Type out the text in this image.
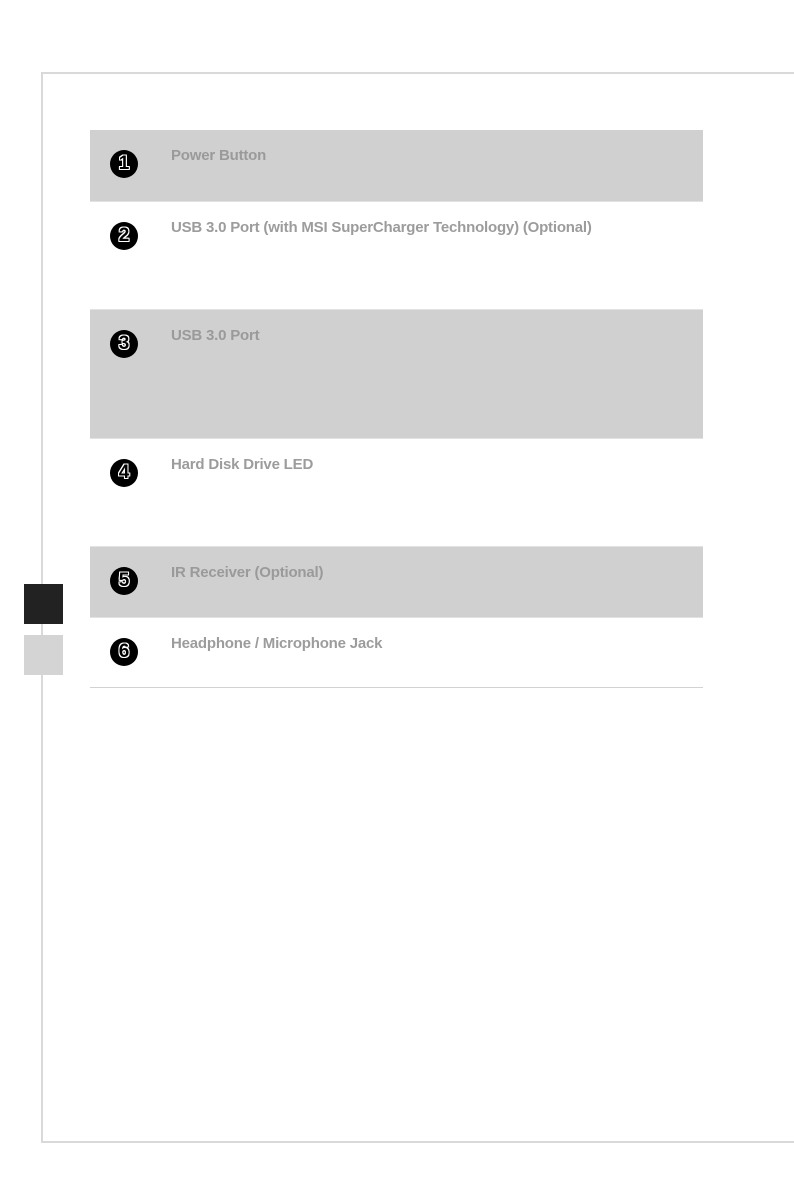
1	Power Button
2	USB 3.0 Port (with MSI SuperCharger Technology) (Optional)
3	USB 3.0 Port
4	Hard Disk Drive LED
5	IR Receiver (Optional)
6	Headphone / Microphone Jack
